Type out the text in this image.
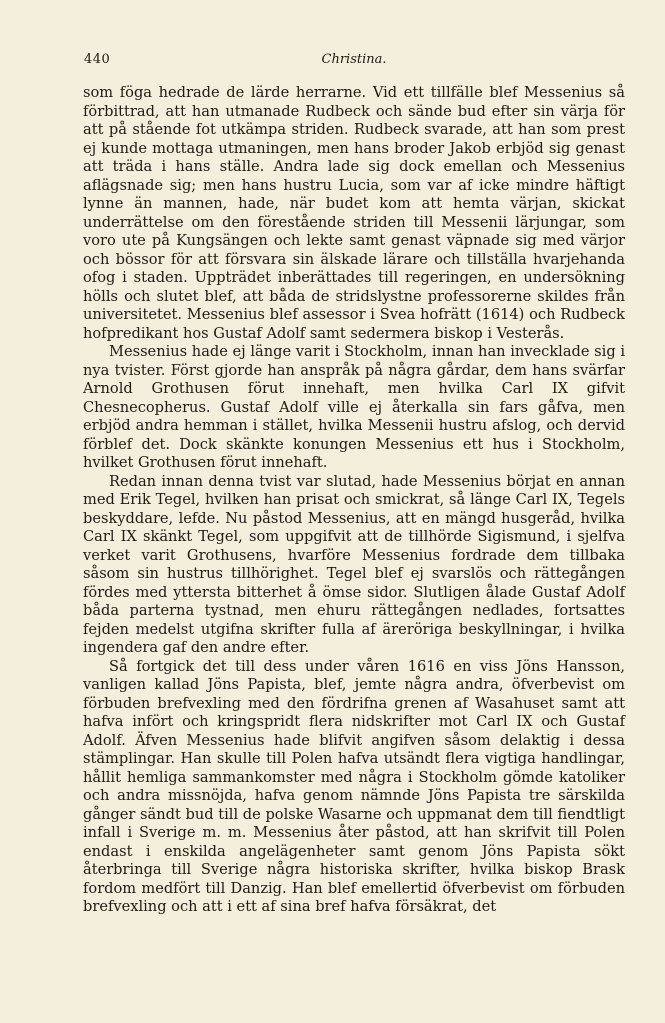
440	Christina.

som föga hedrade de lärde herrarne. Vid ett tillfälle blef Messenius så förbittrad, att han utmanade Rudbeck och sände bud efter sin värja för att på stående fot utkämpa striden. Rudbeck svarade, att han som prest ej kunde mottaga utmaningen, men hans broder Jakob erbjöd sig genast att träda i hans ställe. Andra lade sig dock emellan och Messenius aflägsnade sig; men hans hustru Lucia, som var af icke mindre häftigt lynne än mannen, hade, när budet kom att hemta värjan, skickat underrättelse om den förestående striden till Messenii lärjungar, som voro ute på Kungsängen och lekte samt genast väpnade sig med värjor och bössor för att försvara sin älskade lärare och tillställa hvarjehanda ofog i staden. Uppträdet inberättades till regeringen, en undersökning hölls och slutet blef, att båda de stridslystne professorerne skildes från universitetet. Messenius blef assessor i Svea hofrätt (1614) och Rudbeck hofpredikant hos Gustaf Adolf samt sedermera biskop i Vesterås.

Messenius hade ej länge varit i Stockholm, innan han invecklade sig i nya tvister. Först gjorde han anspråk på några gårdar, dem hans svärfar Arnold Grothusen förut innehaft, men hvilka Carl IX gifvit Chesnecopherus. Gustaf Adolf ville ej återkalla sin fars gåfva, men erbjöd andra hemman i stället, hvilka Messenii hustru afslog, och dervid förblef det. Dock skänkte konungen Messenius ett hus i Stockholm, hvilket Grothusen förut innehaft.

Redan innan denna tvist var slutad, hade Messenius börjat en annan med Erik Tegel, hvilken han prisat och smickrat, så länge Carl IX, Tegels beskyddare, lefde. Nu påstod Messenius, att en mängd husgeråd, hvilka Carl IX skänkt Tegel, som uppgifvit att de tillhörde Sigismund, i sjelfva verket varit Grothusens, hvarföre Messenius fordrade dem tillbaka såsom sin hustrus tillhörighet. Tegel blef ej svarslös och rättegången fördes med yttersta bitterhet å ömse sidor. Slutligen ålade Gustaf Adolf båda parterna tystnad, men ehuru rättegången nedlades, fortsattes fejden medelst utgifna skrifter fulla af ärerörigа beskyllningar, i hvilka ingendera gaf den andre efter.

Så fortgick det till dess under våren 1616 en viss Jöns Hansson, vanligen kallad Jöns Papista, blef, jemte några andra, öfverbevist om förbuden brefvexling med den fördrifna grenen af Wasahuset samt att hafva infört och kringspridt flera nidskrifter mot Carl IX och Gustaf Adolf. Äfven Messenius hade blifvit angifven såsom delaktig i dessa stämplingar. Han skulle till Polen hafva utsändt flera vigtiga handlingar, hållit hemliga sammankomster med några i Stockholm gömde katoliker och andra missnöjda, hafva genom nämnde Jöns Papista tre särskilda gånger sändt bud till de polske Wasarne och uppmanat dem till fiendtligt infall i Sverige m. m. Messenius åter påstod, att han skrifvit till Polen endast i enskilda angelägenheter samt genom Jöns Papista sökt återbringa till Sverige några historiska skrifter, hvilka biskop Brask fordom medfört till Danzig. Han blef emellertid öfverbevist om förbuden brefvexling och att i ett af sina bref hafva försäkrat, det
